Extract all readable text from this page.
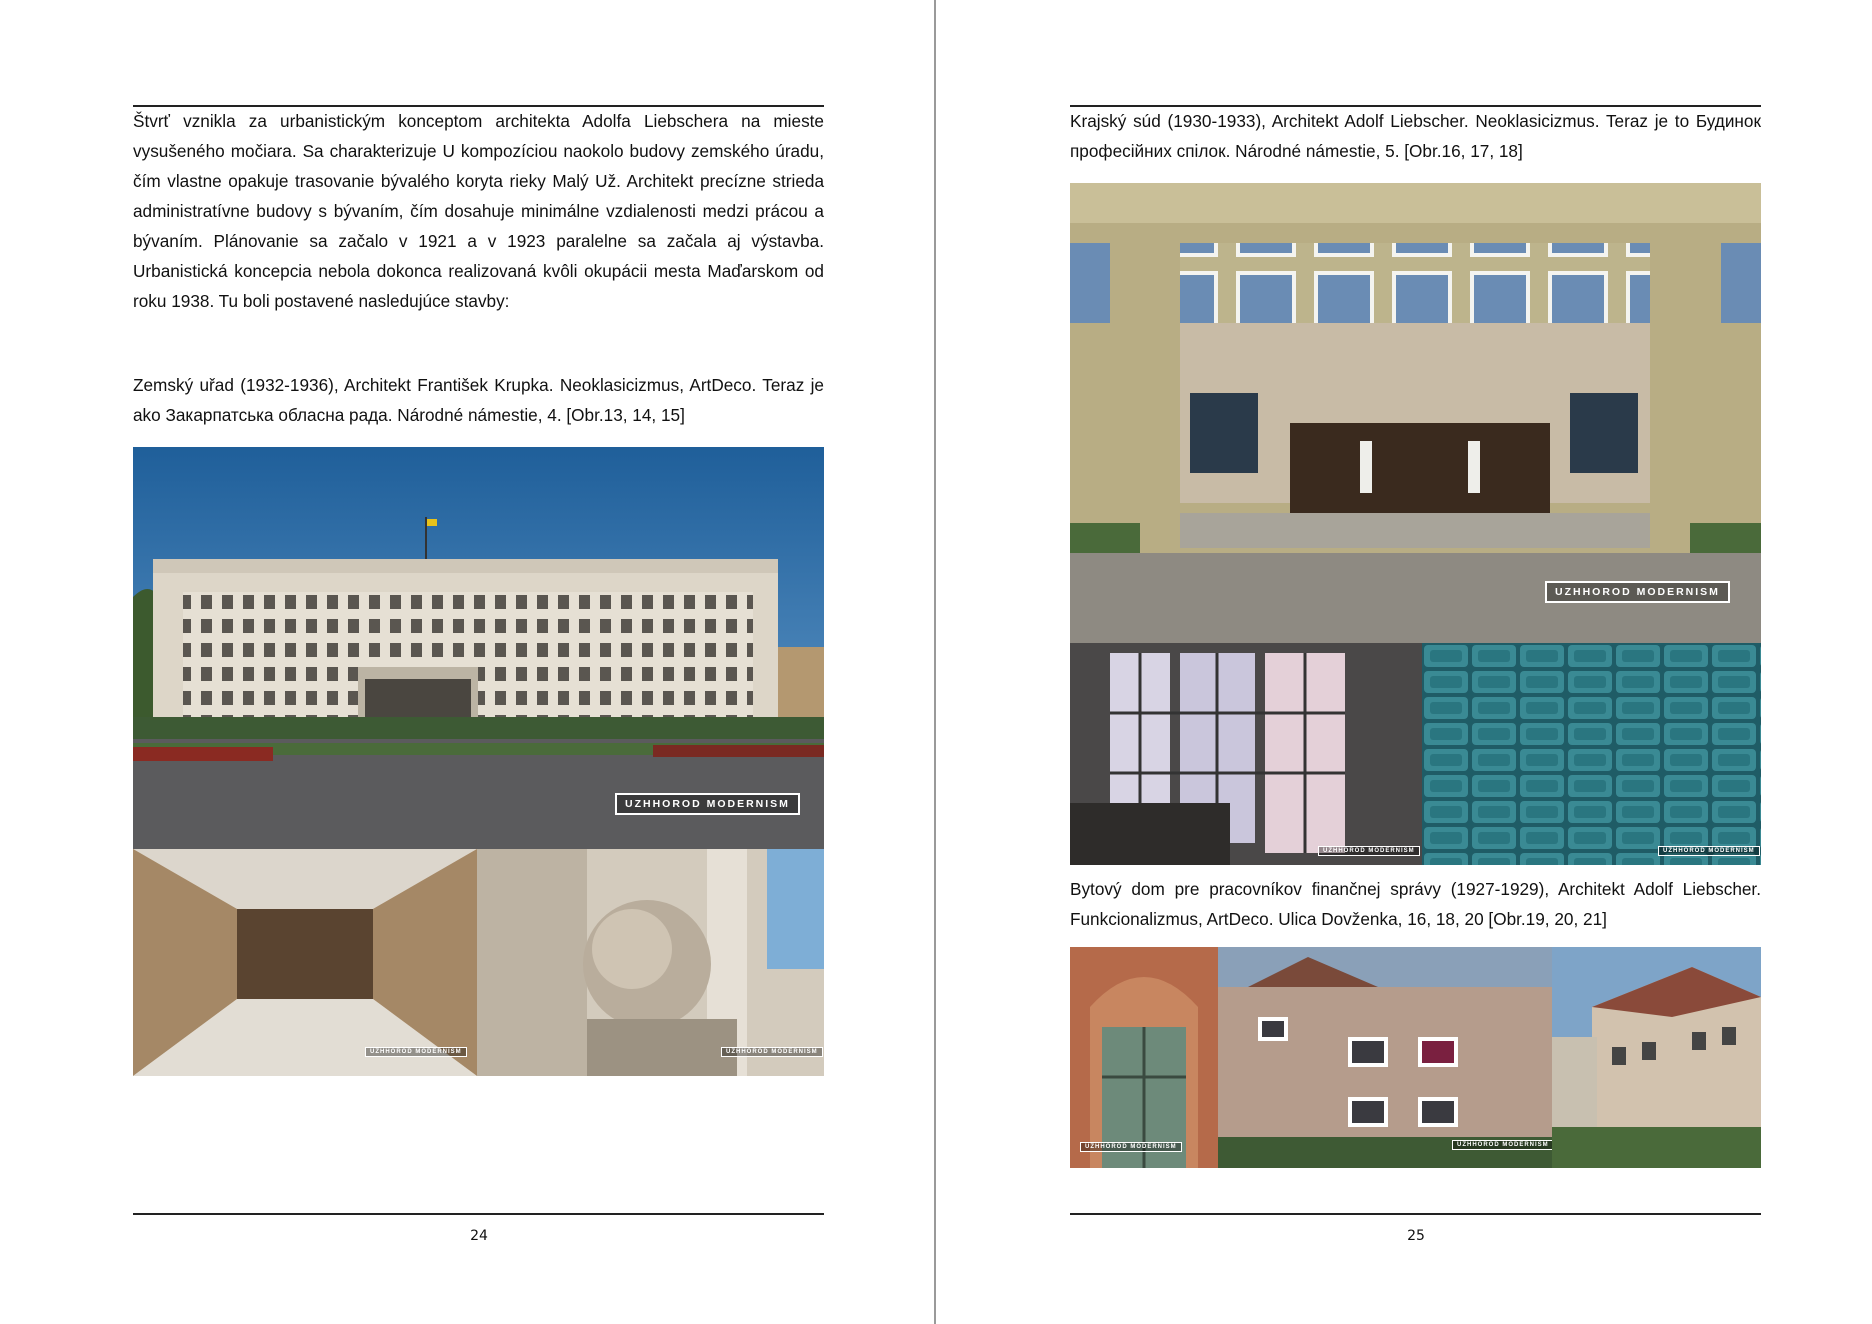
Štvrť vznikla za urbanistickým konceptom architekta Adolfa Liebschera na mieste vysušeného močiara. Sa charakterizuje U kompozíciou naokolo budovy zemského úradu, čím vlastne opakuje trasovanie bývalého koryta rieky Malý Už. Architekt precízne strieda administratívne budovy s bývaním, čím dosahuje minimálne vzdialenosti medzi prácou a bývaním. Plánovanie sa začalo v 1921 a v 1923 paralelne sa začala aj výstavba. Urbanistická koncepcia nebola dokonca realizovaná kvôli okupácii mesta Maďarskom od roku 1938. Tu boli postavené nasledujúce stavby:

Zemský uřad (1932-1936), Architekt František Krupka. Neoklasicizmus, ArtDeco. Teraz je ako Закарпатська обласна рада. Národné námestie, 4. [Obr.13, 14, 15]

UZHHOROD MODERNISM
UZHHOROD MODERNISM	UZHHOROD MODERNISM
24

Krajský súd (1930-1933), Architekt Adolf Liebscher. Neoklasicizmus. Teraz je to Будинок професійних спілок. Národné námestie, 5. [Obr.16, 17, 18]

UZHHOROD MODERNISM
UZHHOROD MODERNISM	UZHHOROD MODERNISM

Bytový dom pre pracovníkov finančnej správy (1927-1929), Architekt Adolf Liebscher. Funkcionalizmus, ArtDeco. Ulica Dovženka, 16, 18, 20 [Obr.19, 20, 21]

UZHHOROD MODERNISM	UZHHOROD MODERNISM
25
